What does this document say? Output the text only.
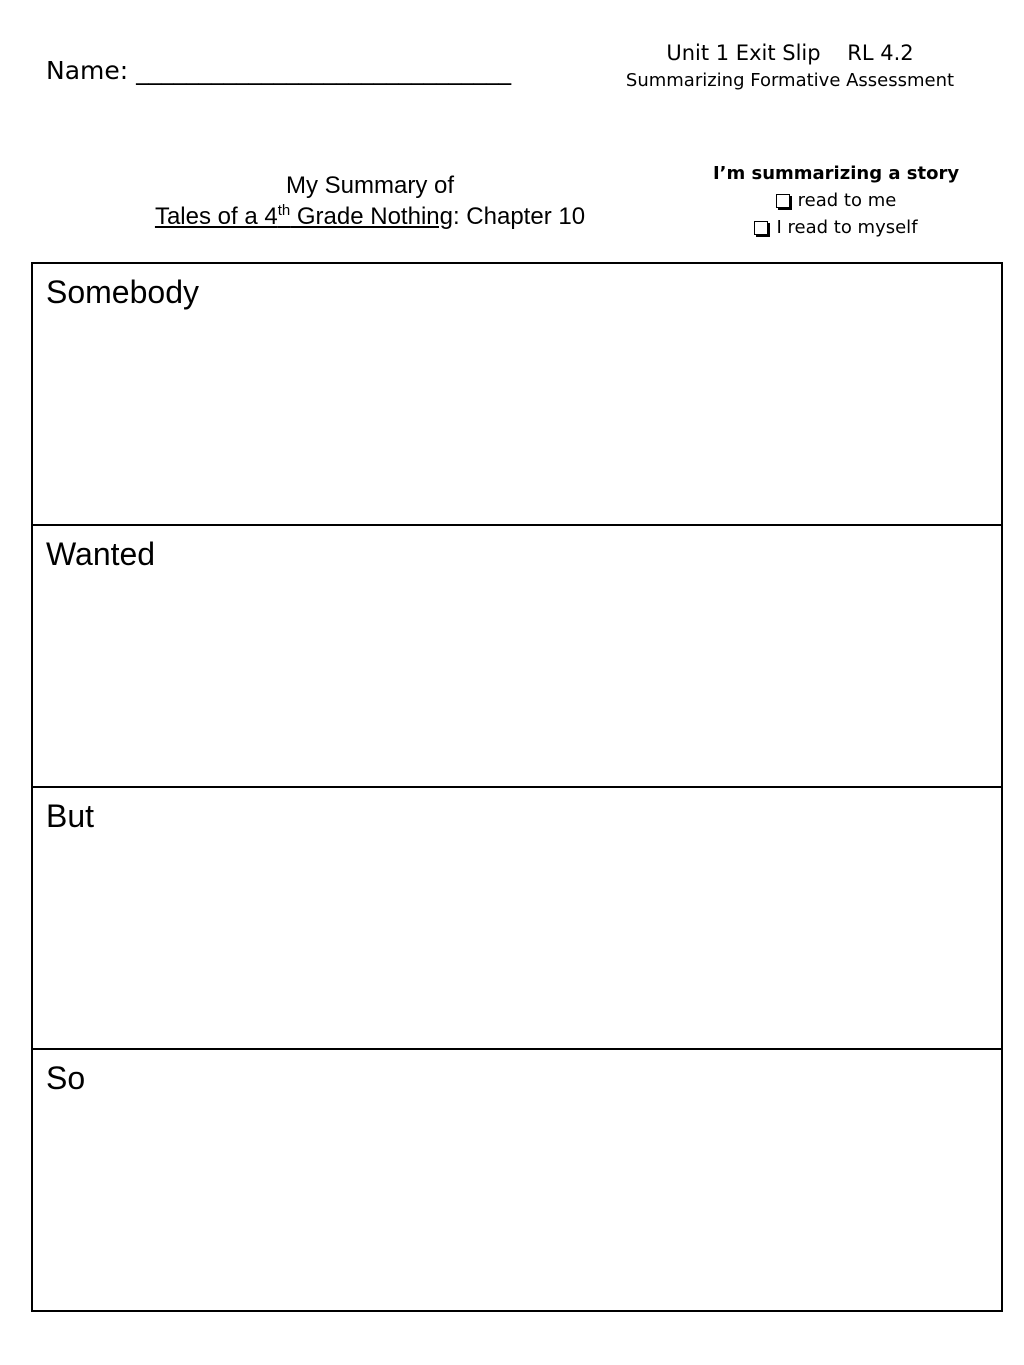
Name: ______________________________
Unit 1 Exit Slip    RL 4.2
Summarizing Formative Assessment
My Summary of
Tales of a 4th Grade Nothing: Chapter 10
I’m summarizing a story
read to me
I read to myself
Somebody
Wanted
But
So
